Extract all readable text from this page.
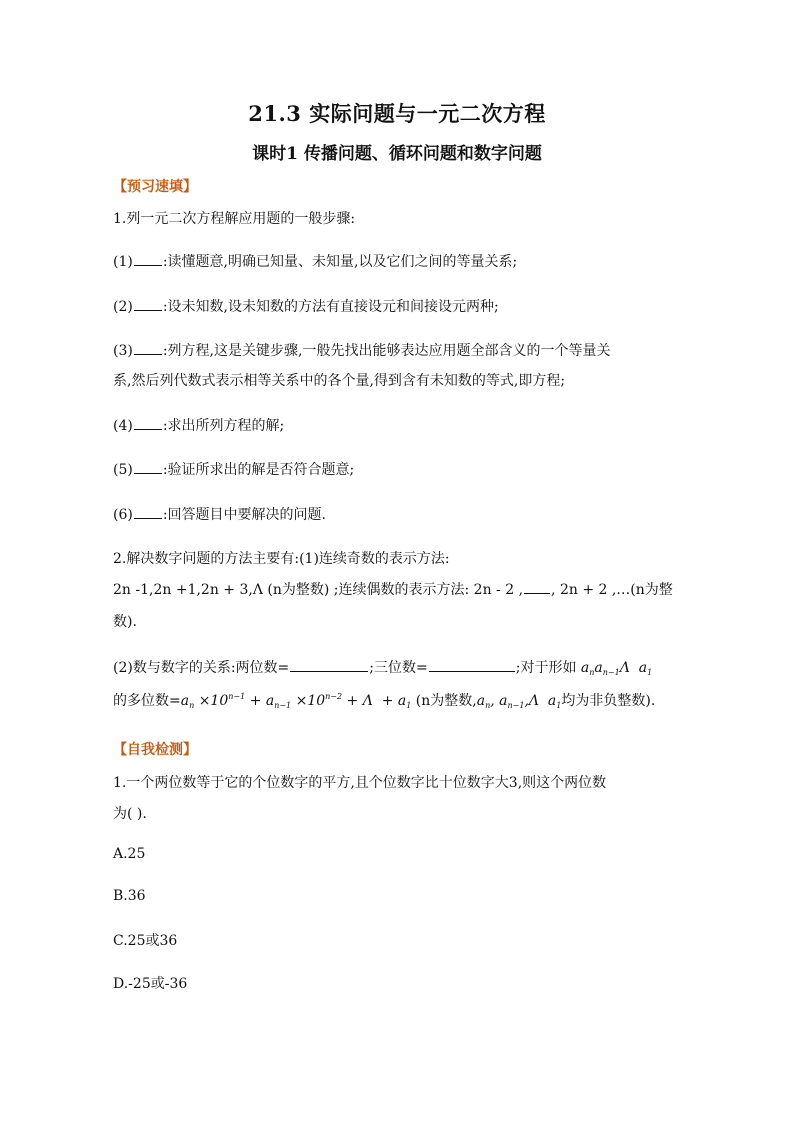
21.3 实际问题与一元二次方程
课时1 传播问题、循环问题和数字问题
【预习速填】
1.列一元二次方程解应用题的一般步骤:
(1) :读懂题意,明确已知量、未知量,以及它们之间的等量关系;
(2) :设未知数,设未知数的方法有直接设元和间接设元两种;
(3) :列方程,这是关键步骤,一般先找出能够表达应用题全部含义的一个等量关
系,然后列代数式表示相等关系中的各个量,得到含有未知数的等式,即方程;
(4) :求出所列方程的解;
(5) :验证所求出的解是否符合题意;
(6) :回答题目中要解决的问题.
2.解决数字问题的方法主要有:(1)连续奇数的表示方法:
2n -1,2n +1,2n + 3,Λ (n为整数) ;连续偶数的表示方法: 2n - 2 , , 2n + 2 ,…(n为整
数).
(2)数与数字的关系:两位数=	;三位数=	;对于形如 $a_na_{n-1}\Lambda$  $a_1$
的多位数$=a_n \times 10^{n-1} + a_{n-1} \times 10^{n-2} + \Lambda + a_1$ (n为整数$,a_n$, $a_{n-1},\Lambda$  $a_1$均为非负整数).
【自我检测】
1.一个两位数等于它的个位数字的平方,且个位数字比十位数字大3,则这个两位数
为( ).
A.25
B.36
C.25或36
D.-25或-36
